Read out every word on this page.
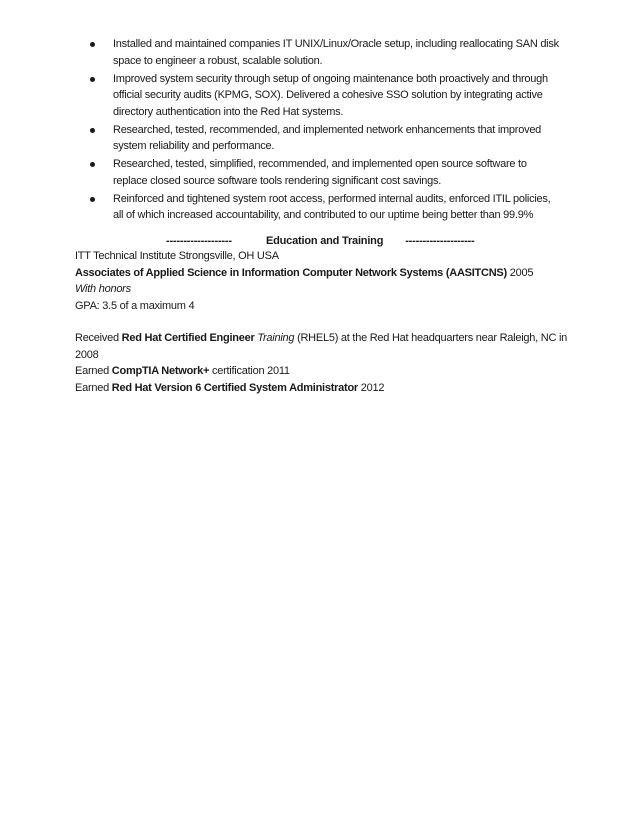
Installed and maintained companies IT UNIX/Linux/Oracle setup, including reallocating SAN disk
space to engineer a robust, scalable solution.
Improved system security through setup of ongoing maintenance both proactively and through
official security audits (KPMG, SOX). Delivered a cohesive SSO solution by integrating active
directory authentication into the Red Hat systems.
Researched, tested, recommended, and implemented network enhancements that improved
system reliability and performance.
Researched, tested, simplified, recommended, and implemented open source software to
replace closed source software tools rendering significant cost savings.
Reinforced and tightened system root access, performed internal audits, enforced ITIL policies,
all of which increased accountability, and contributed to our uptime being better than 99.9%
-------------------	Education and Training --------------------
ITT Technical Institute Strongsville, OH USA
Associates of Applied Science in Information Computer Network Systems (AASITCNS) 2005
With honors
GPA: 3.5 of a maximum 4
Received Red Hat Certified Engineer Training (RHEL5) at the Red Hat headquarters near Raleigh, NC in
2008
Earned CompTIA Network+ certification 2011
Earned Red Hat Version 6 Certified System Administrator 2012
